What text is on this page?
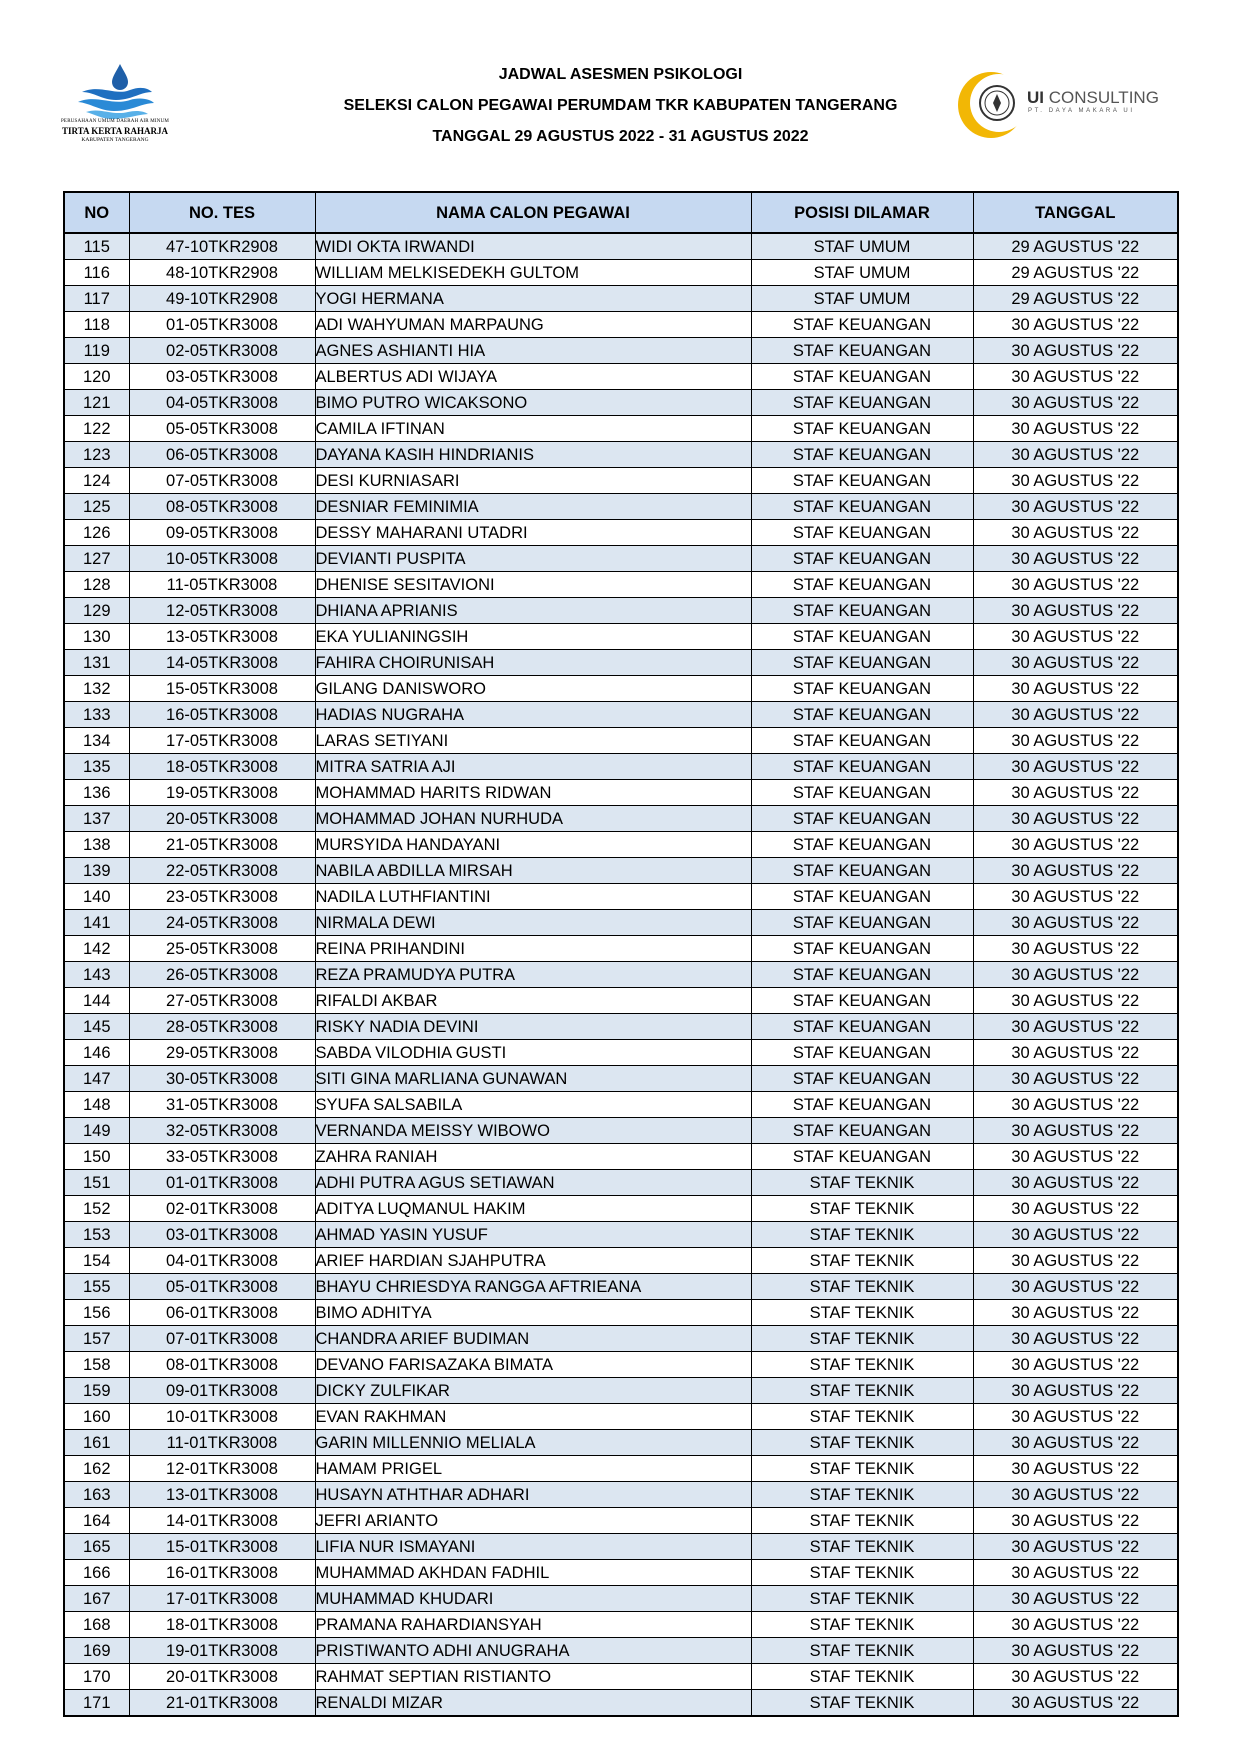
PERUSAHAAN UMUM DAERAH AIR MINUM
TIRTA KERTA RAHARJA
KABUPATEN TANGERANG
JADWAL ASESMEN PSIKOLOGI
SELEKSI CALON PEGAWAI PERUMDAM TKR KABUPATEN TANGERANG
TANGGAL 29 AGUSTUS 2022 - 31 AGUSTUS 2022
UI CONSULTING
PT. DAYA MAKARA UI
NO	NO. TES	NAMA CALON PEGAWAI	POSISI DILAMAR	TANGGAL
115	47-10TKR2908	WIDI OKTA IRWANDI	STAF UMUM	29 AGUSTUS '22
116	48-10TKR2908	WILLIAM MELKISEDEKH GULTOM	STAF UMUM	29 AGUSTUS '22
117	49-10TKR2908	YOGI HERMANA	STAF UMUM	29 AGUSTUS '22
118	01-05TKR3008	ADI WAHYUMAN MARPAUNG	STAF KEUANGAN	30 AGUSTUS '22
119	02-05TKR3008	AGNES ASHIANTI HIA	STAF KEUANGAN	30 AGUSTUS '22
120	03-05TKR3008	ALBERTUS ADI WIJAYA	STAF KEUANGAN	30 AGUSTUS '22
121	04-05TKR3008	BIMO PUTRO WICAKSONO	STAF KEUANGAN	30 AGUSTUS '22
122	05-05TKR3008	CAMILA IFTINAN	STAF KEUANGAN	30 AGUSTUS '22
123	06-05TKR3008	DAYANA KASIH HINDRIANIS	STAF KEUANGAN	30 AGUSTUS '22
124	07-05TKR3008	DESI KURNIASARI	STAF KEUANGAN	30 AGUSTUS '22
125	08-05TKR3008	DESNIAR FEMINIMIA	STAF KEUANGAN	30 AGUSTUS '22
126	09-05TKR3008	DESSY MAHARANI UTADRI	STAF KEUANGAN	30 AGUSTUS '22
127	10-05TKR3008	DEVIANTI PUSPITA	STAF KEUANGAN	30 AGUSTUS '22
128	11-05TKR3008	DHENISE SESITAVIONI	STAF KEUANGAN	30 AGUSTUS '22
129	12-05TKR3008	DHIANA APRIANIS	STAF KEUANGAN	30 AGUSTUS '22
130	13-05TKR3008	EKA YULIANINGSIH	STAF KEUANGAN	30 AGUSTUS '22
131	14-05TKR3008	FAHIRA CHOIRUNISAH	STAF KEUANGAN	30 AGUSTUS '22
132	15-05TKR3008	GILANG DANISWORO	STAF KEUANGAN	30 AGUSTUS '22
133	16-05TKR3008	HADIAS NUGRAHA	STAF KEUANGAN	30 AGUSTUS '22
134	17-05TKR3008	LARAS SETIYANI	STAF KEUANGAN	30 AGUSTUS '22
135	18-05TKR3008	MITRA SATRIA AJI	STAF KEUANGAN	30 AGUSTUS '22
136	19-05TKR3008	MOHAMMAD HARITS RIDWAN	STAF KEUANGAN	30 AGUSTUS '22
137	20-05TKR3008	MOHAMMAD JOHAN NURHUDA	STAF KEUANGAN	30 AGUSTUS '22
138	21-05TKR3008	MURSYIDA HANDAYANI	STAF KEUANGAN	30 AGUSTUS '22
139	22-05TKR3008	NABILA ABDILLA MIRSAH	STAF KEUANGAN	30 AGUSTUS '22
140	23-05TKR3008	NADILA LUTHFIANTINI	STAF KEUANGAN	30 AGUSTUS '22
141	24-05TKR3008	NIRMALA DEWI	STAF KEUANGAN	30 AGUSTUS '22
142	25-05TKR3008	REINA PRIHANDINI	STAF KEUANGAN	30 AGUSTUS '22
143	26-05TKR3008	REZA PRAMUDYA PUTRA	STAF KEUANGAN	30 AGUSTUS '22
144	27-05TKR3008	RIFALDI AKBAR	STAF KEUANGAN	30 AGUSTUS '22
145	28-05TKR3008	RISKY NADIA DEVINI	STAF KEUANGAN	30 AGUSTUS '22
146	29-05TKR3008	SABDA VILODHIA GUSTI	STAF KEUANGAN	30 AGUSTUS '22
147	30-05TKR3008	SITI GINA MARLIANA GUNAWAN	STAF KEUANGAN	30 AGUSTUS '22
148	31-05TKR3008	SYUFA SALSABILA	STAF KEUANGAN	30 AGUSTUS '22
149	32-05TKR3008	VERNANDA MEISSY WIBOWO	STAF KEUANGAN	30 AGUSTUS '22
150	33-05TKR3008	ZAHRA RANIAH	STAF KEUANGAN	30 AGUSTUS '22
151	01-01TKR3008	ADHI PUTRA AGUS SETIAWAN	STAF TEKNIK	30 AGUSTUS '22
152	02-01TKR3008	ADITYA LUQMANUL HAKIM	STAF TEKNIK	30 AGUSTUS '22
153	03-01TKR3008	AHMAD YASIN YUSUF	STAF TEKNIK	30 AGUSTUS '22
154	04-01TKR3008	ARIEF HARDIAN SJAHPUTRA	STAF TEKNIK	30 AGUSTUS '22
155	05-01TKR3008	BHAYU CHRIESDYA RANGGA AFTRIEANA	STAF TEKNIK	30 AGUSTUS '22
156	06-01TKR3008	BIMO ADHITYA	STAF TEKNIK	30 AGUSTUS '22
157	07-01TKR3008	CHANDRA ARIEF BUDIMAN	STAF TEKNIK	30 AGUSTUS '22
158	08-01TKR3008	DEVANO FARISAZAKA BIMATA	STAF TEKNIK	30 AGUSTUS '22
159	09-01TKR3008	DICKY ZULFIKAR	STAF TEKNIK	30 AGUSTUS '22
160	10-01TKR3008	EVAN RAKHMAN	STAF TEKNIK	30 AGUSTUS '22
161	11-01TKR3008	GARIN MILLENNIO MELIALA	STAF TEKNIK	30 AGUSTUS '22
162	12-01TKR3008	HAMAM PRIGEL	STAF TEKNIK	30 AGUSTUS '22
163	13-01TKR3008	HUSAYN ATHTHAR ADHARI	STAF TEKNIK	30 AGUSTUS '22
164	14-01TKR3008	JEFRI ARIANTO	STAF TEKNIK	30 AGUSTUS '22
165	15-01TKR3008	LIFIA NUR ISMAYANI	STAF TEKNIK	30 AGUSTUS '22
166	16-01TKR3008	MUHAMMAD AKHDAN FADHIL	STAF TEKNIK	30 AGUSTUS '22
167	17-01TKR3008	MUHAMMAD KHUDARI	STAF TEKNIK	30 AGUSTUS '22
168	18-01TKR3008	PRAMANA RAHARDIANSYAH	STAF TEKNIK	30 AGUSTUS '22
169	19-01TKR3008	PRISTIWANTO ADHI ANUGRAHA	STAF TEKNIK	30 AGUSTUS '22
170	20-01TKR3008	RAHMAT SEPTIAN RISTIANTO	STAF TEKNIK	30 AGUSTUS '22
171	21-01TKR3008	RENALDI MIZAR	STAF TEKNIK	30 AGUSTUS '22
